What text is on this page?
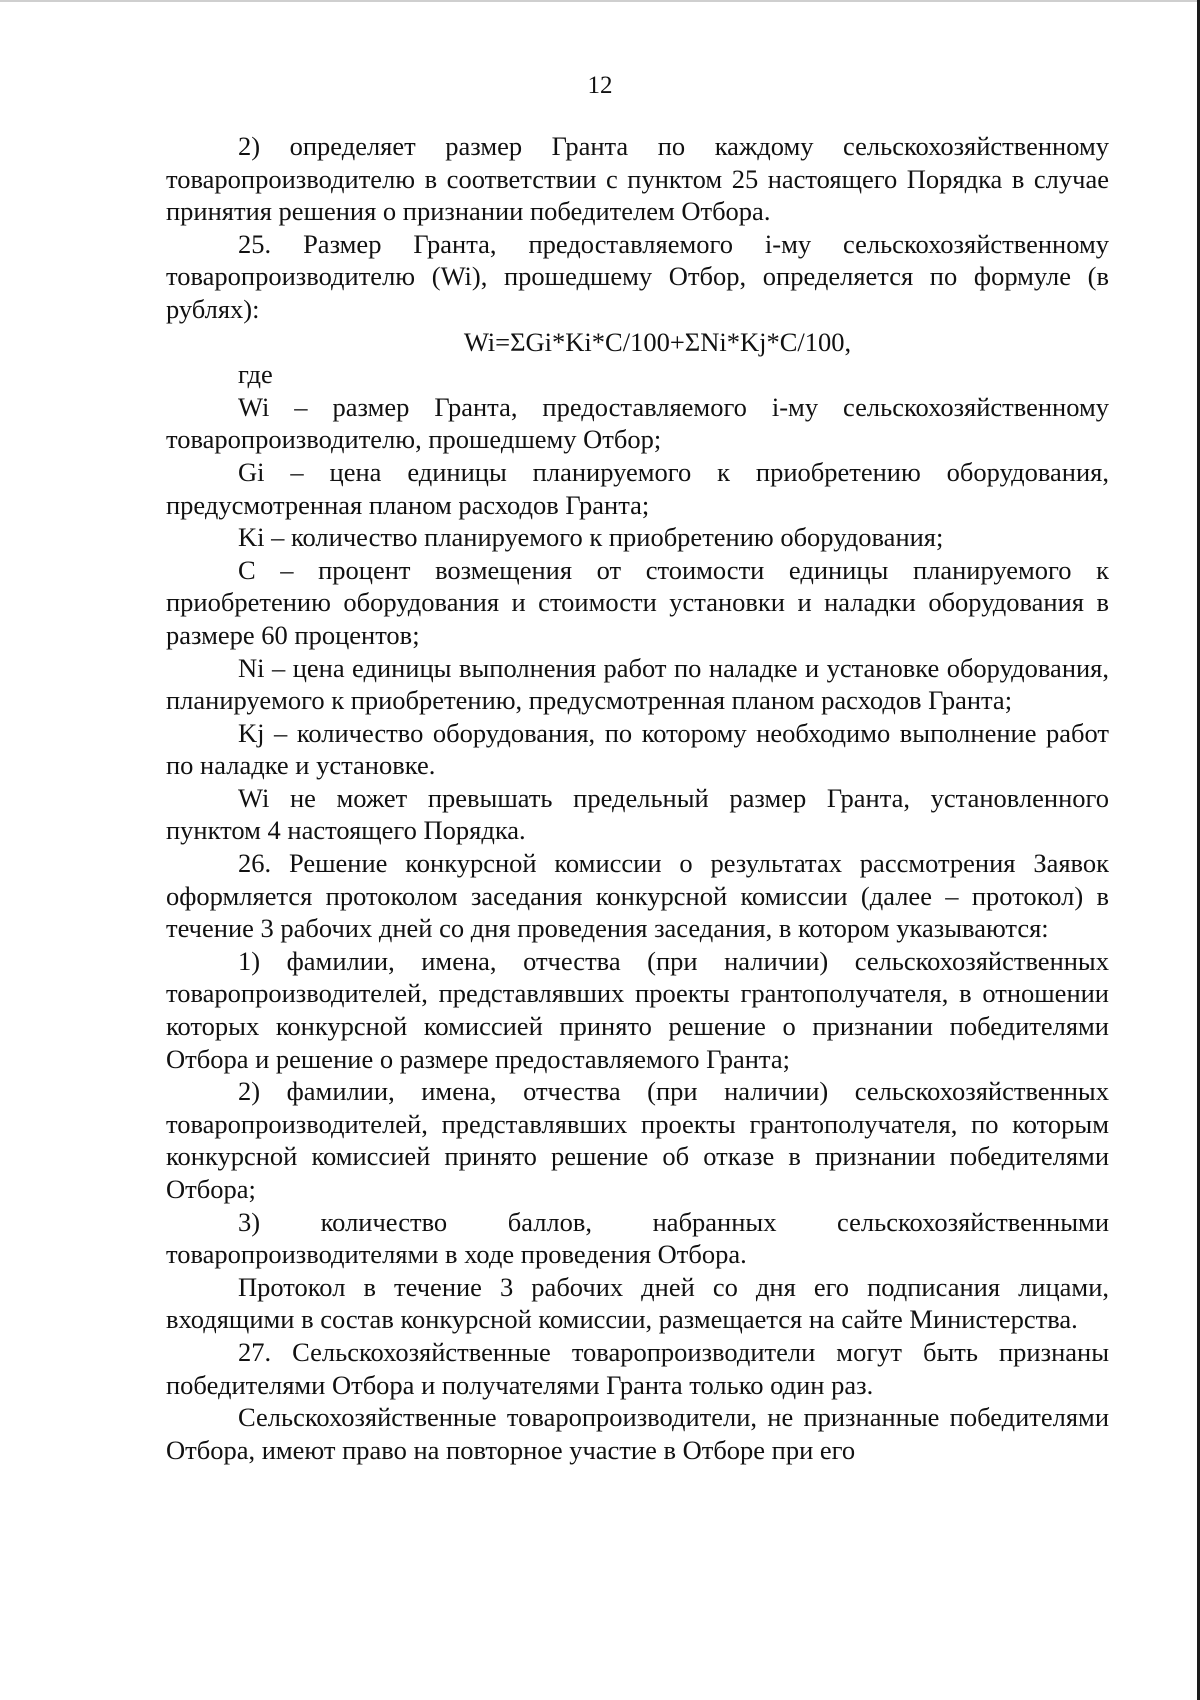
12

2) определяет размер Гранта по каждому сельскохозяйственному товаропроизводителю в соответствии с пунктом 25 настоящего Порядка в случае принятия решения о признании победителем Отбора.

25. Размер Гранта, предоставляемого i-му сельскохозяйственному товаропроизводителю (Wi), прошедшему Отбор, определяется по формуле (в рублях):

Wi=ΣGi*Ki*C/100+ΣNi*Kj*C/100,

где

Wi – размер Гранта, предоставляемого i-му сельскохозяйственному товаропроизводителю, прошедшему Отбор;

Gi – цена единицы планируемого к приобретению оборудования, предусмотренная планом расходов Гранта;

Ki – количество планируемого к приобретению оборудования;

C – процент возмещения от стоимости единицы планируемого к приобретению оборудования и стоимости установки и наладки оборудования в размере 60 процентов;

Ni – цена единицы выполнения работ по наладке и установке оборудования, планируемого к приобретению, предусмотренная планом расходов Гранта;

Kj – количество оборудования, по которому необходимо выполнение работ по наладке и установке.

Wi не может превышать предельный размер Гранта, установленного пунктом 4 настоящего Порядка.

26. Решение конкурсной комиссии о результатах рассмотрения Заявок оформляется протоколом заседания конкурсной комиссии (далее – протокол) в течение 3 рабочих дней со дня проведения заседания, в котором указываются:

1) фамилии, имена, отчества (при наличии) сельскохозяйственных товаропроизводителей, представлявших проекты грантополучателя, в отношении которых конкурсной комиссией принято решение о признании победителями Отбора и решение о размере предоставляемого Гранта;

2) фамилии, имена, отчества (при наличии) сельскохозяйственных товаропроизводителей, представлявших проекты грантополучателя, по которым конкурсной комиссией принято решение об отказе в признании победителями Отбора;

3) количество баллов, набранных сельскохозяйственными товаропроизводителями в ходе проведения Отбора.

Протокол в течение 3 рабочих дней со дня его подписания лицами, входящими в состав конкурсной комиссии, размещается на сайте Министерства.

27. Сельскохозяйственные товаропроизводители могут быть признаны победителями Отбора и получателями Гранта только один раз.

Сельскохозяйственные товаропроизводители, не признанные победителями Отбора, имеют право на повторное участие в Отборе при его
